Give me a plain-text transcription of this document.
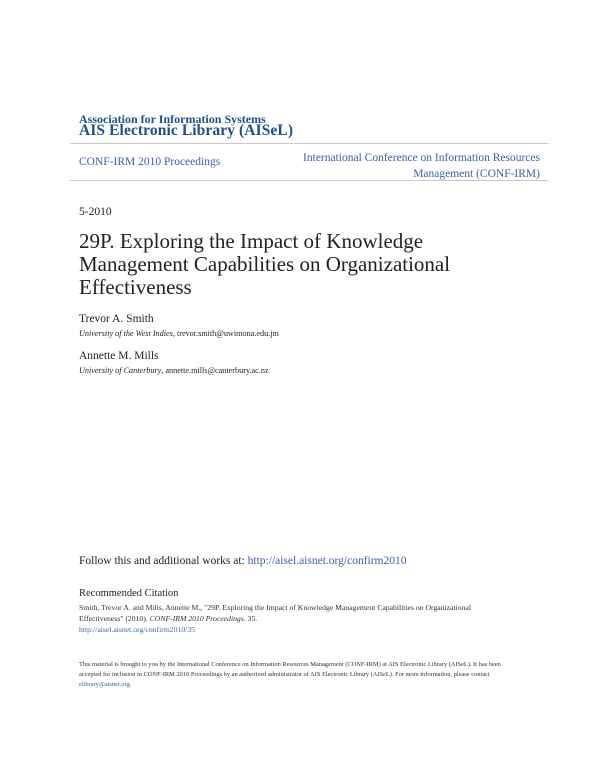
Association for Information Systems
AIS Electronic Library (AISeL)
CONF-IRM 2010 Proceedings	International Conference on Information Resources Management (CONF-IRM)
5-2010
29P. Exploring the Impact of Knowledge Management Capabilities on Organizational Effectiveness
Trevor A. Smith
University of the West Indies, trevor.smith@uwimona.edu.jm
Annette M. Mills
University of Canterbury, annette.mills@canterbury.ac.nz
Follow this and additional works at: http://aisel.aisnet.org/confirm2010
Recommended Citation
Smith, Trevor A. and Mills, Annette M., "29P. Exploring the Impact of Knowledge Management Capabilities on Organizational Effectiveness" (2010). CONF-IRM 2010 Proceedings. 35.
http://aisel.aisnet.org/confirm2010/35
This material is brought to you by the International Conference on Information Resources Management (CONF-IRM) at AIS Electronic Library (AISeL). It has been accepted for inclusion in CONF-IRM 2010 Proceedings by an authorized administrator of AIS Electronic Library (AISeL). For more information, please contact elibrary@aisnet.org.
